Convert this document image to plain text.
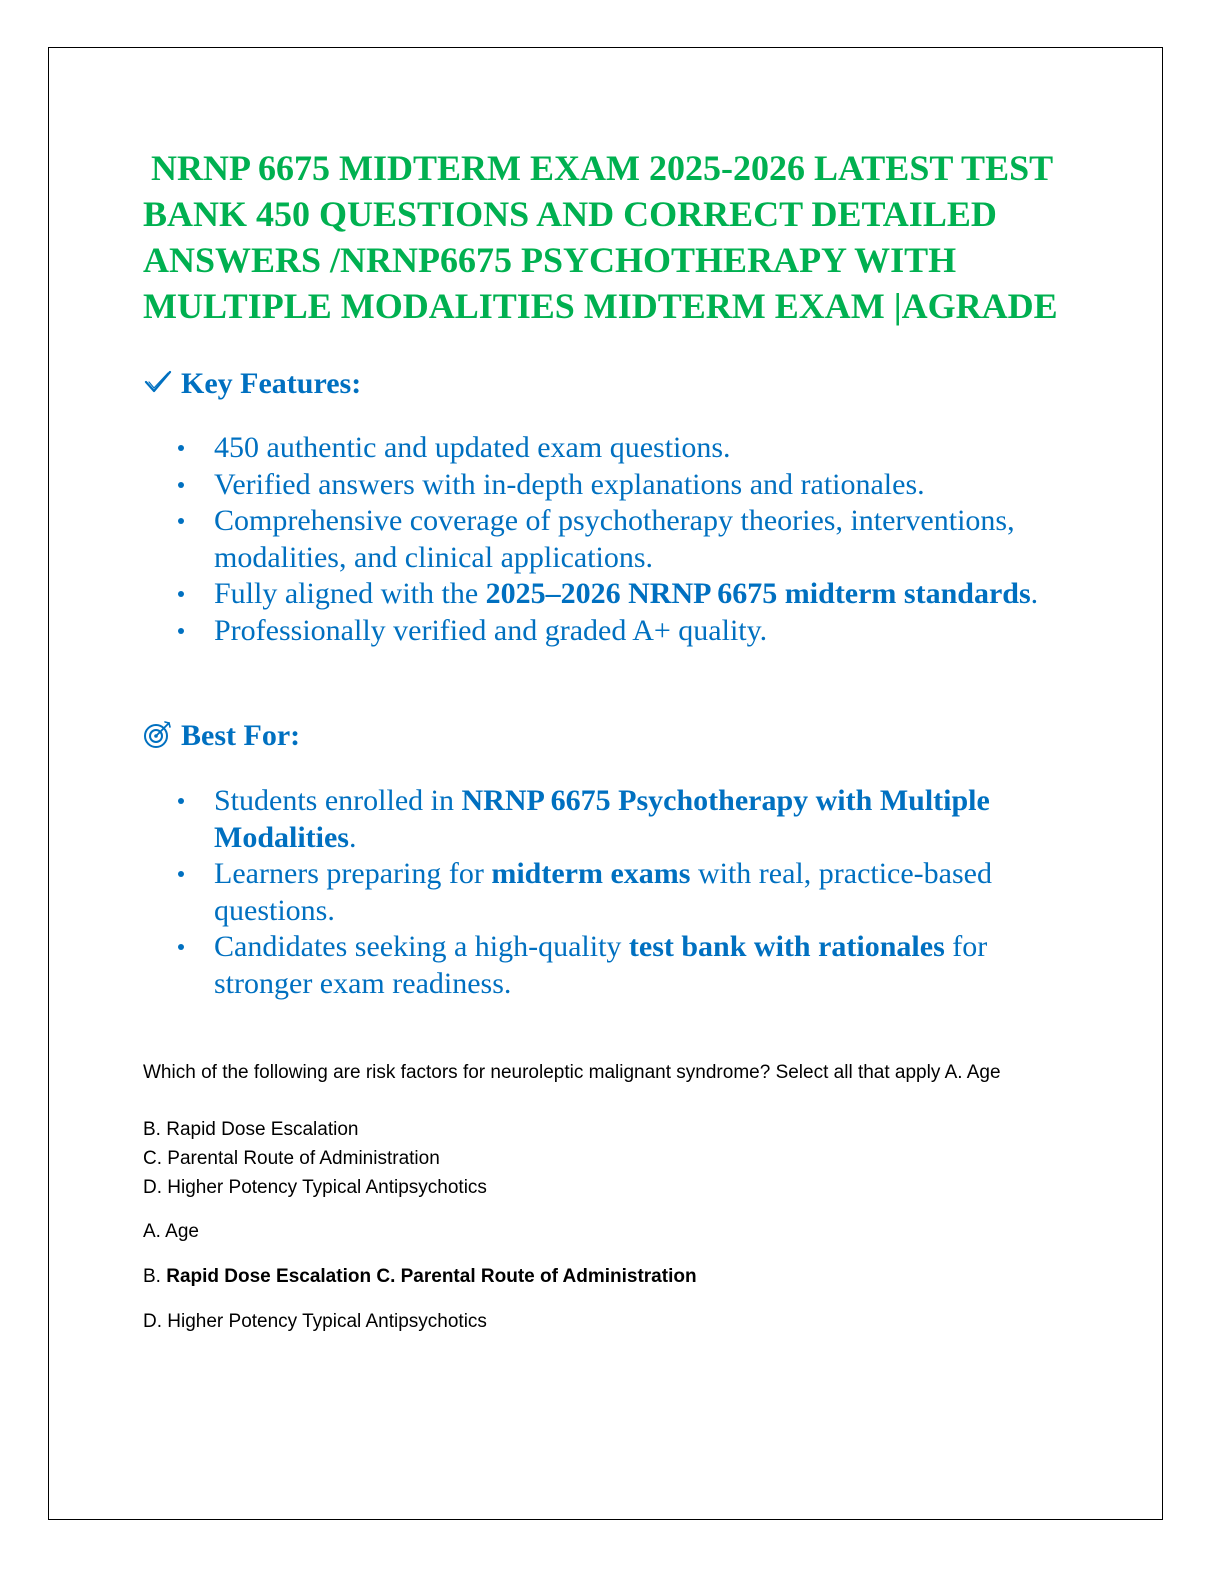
NRNP 6675 MIDTERM EXAM 2025-2026 LATEST TEST
BANK 450 QUESTIONS AND CORRECT DETAILED
ANSWERS /NRNP6675 PSYCHOTHERAPY WITH
MULTIPLE MODALITIES MIDTERM EXAM |AGRADE
Key Features:
450 authentic and updated exam questions.
Verified answers with in-depth explanations and rationales.
Comprehensive coverage of psychotherapy theories, interventions, modalities, and clinical applications.
Fully aligned with the 2025–2026 NRNP 6675 midterm standards.
Professionally verified and graded A+ quality.
Best For:
Students enrolled in NRNP 6675 Psychotherapy with Multiple Modalities.
Learners preparing for midterm exams with real, practice-based questions.
Candidates seeking a high-quality test bank with rationales for stronger exam readiness.

Which of the following are risk factors for neuroleptic malignant syndrome? Select all that apply A. Age

B. Rapid Dose Escalation
C. Parental Route of Administration
D. Higher Potency Typical Antipsychotics

A. Age

B. Rapid Dose Escalation C. Parental Route of Administration

D. Higher Potency Typical Antipsychotics
